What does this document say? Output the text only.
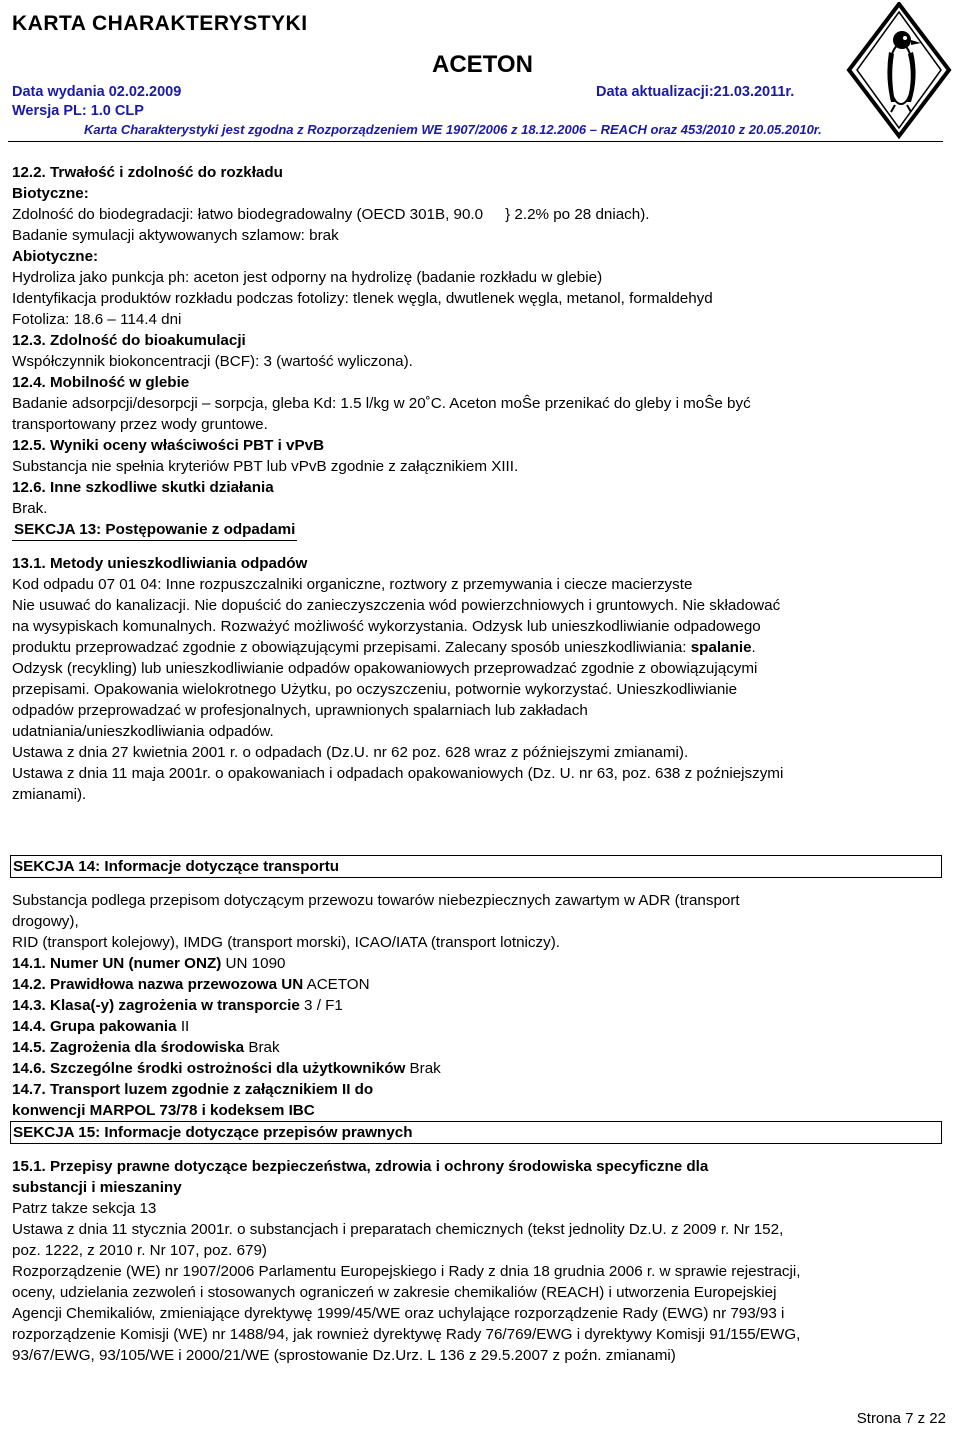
KARTA CHARAKTERYSTYKI
ACETON
Data wydania 02.02.2009	Data aktualizacji:21.03.2011r.
Wersja PL: 1.0 CLP
Karta Charakterystyki jest zgodna z Rozporządzeniem WE 1907/2006 z 18.12.2006 – REACH oraz 453/2010 z 20.05.2010r.

12.2. Trwałość i zdolność do rozkładu

Biotyczne:

Zdolność do biodegradacji: łatwo biodegradowalny (OECD 301B, 90.0 } 2.2% po 28 dniach).

Badanie symulacji aktywowanych szlamow: brak

Abiotyczne:

Hydroliza jako punkcja ph: aceton jest odporny na hydrolizę (badanie rozkładu w glebie)

Identyfikacja produktów rozkładu podczas fotolizy: tlenek węgla, dwutlenek węgla, metanol, formaldehyd

Fotoliza: 18.6 – 114.4 dni

12.3. Zdolność do bioakumulacji

Współczynnik biokoncentracji (BCF): 3 (wartość wyliczona).

12.4. Mobilność w glebie

Badanie adsorpcji/desorpcji – sorpcja, gleba Kd: 1.5 l/kg w 20˚C. Aceton moŜe przenikać do gleby i moŜe być

transportowany przez wody gruntowe.

12.5. Wyniki oceny właściwości PBT i vPvB

Substancja nie spełnia kryteriów PBT lub vPvB zgodnie z załącznikiem XIII.

12.6. Inne szkodliwe skutki działania

Brak.

SEKCJA 13: Postępowanie z odpadami

13.1. Metody unieszkodliwiania odpadów

Kod odpadu 07 01 04: Inne rozpuszczalniki organiczne, roztwory z przemywania i ciecze macierzyste

Nie usuwać do kanalizacji. Nie dopuścić do zanieczyszczenia wód powierzchniowych i gruntowych. Nie składować

na wysypiskach komunalnych. Rozważyć możliwość wykorzystania. Odzysk lub unieszkodliwianie odpadowego

produktu przeprowadzać zgodnie z obowiązującymi przepisami. Zalecany sposób unieszkodliwiania: spalanie.

Odzysk (recykling) lub unieszkodliwianie odpadów opakowaniowych przeprowadzać zgodnie z obowiązującymi

przepisami. Opakowania wielokrotnego Użytku, po oczyszczeniu, potwornie wykorzystać. Unieszkodliwianie

odpadów przeprowadzać w profesjonalnych, uprawnionych spalarniach lub zakładach

udatniania/unieszkodliwiania odpadów.

Ustawa z dnia 27 kwietnia 2001 r. o odpadach (Dz.U. nr 62 poz. 628 wraz z późniejszymi zmianami).

Ustawa z dnia 11 maja 2001r. o opakowaniach i odpadach opakowaniowych (Dz. U. nr 63, poz. 638 z poźniejszymi

zmianami).

SEKCJA 14: Informacje dotyczące transportu

Substancja podlega przepisom dotyczącym przewozu towarów niebezpiecznych zawartym w ADR (transport

drogowy),

RID (transport kolejowy), IMDG (transport morski), ICAO/IATA (transport lotniczy).

14.1. Numer UN (numer ONZ) UN 1090

14.2. Prawidłowa nazwa przewozowa UN ACETON

14.3. Klasa(-y) zagrożenia w transporcie 3 / F1

14.4. Grupa pakowania II

14.5. Zagrożenia dla środowiska Brak

14.6. Szczególne środki ostrożności dla użytkowników Brak

14.7. Transport luzem zgodnie z załącznikiem II do

konwencji MARPOL 73/78 i kodeksem IBC

SEKCJA 15: Informacje dotyczące przepisów prawnych

15.1. Przepisy prawne dotyczące bezpieczeństwa, zdrowia i ochrony środowiska specyficzne dla

substancji i mieszaniny

Patrz takze sekcja 13

Ustawa z dnia 11 stycznia 2001r. o substancjach i preparatach chemicznych (tekst jednolity Dz.U. z 2009 r. Nr 152,

poz. 1222, z 2010 r. Nr 107, poz. 679)

Rozporządzenie (WE) nr 1907/2006 Parlamentu Europejskiego i Rady z dnia 18 grudnia 2006 r. w sprawie rejestracji,

oceny, udzielania zezwoleń i stosowanych ograniczeń w zakresie chemikaliów (REACH) i utworzenia Europejskiej

Agencji Chemikaliów, zmieniające dyrektywę 1999/45/WE oraz uchylające rozporządzenie Rady (EWG) nr 793/93 i

rozporządzenie Komisji (WE) nr 1488/94, jak rownież dyrektywę Rady 76/769/EWG i dyrektywy Komisji 91/155/EWG,

93/67/EWG, 93/105/WE i 2000/21/WE (sprostowanie Dz.Urz. L 136 z 29.5.2007 z poźn. zmianami)

Strona 7 z 22
